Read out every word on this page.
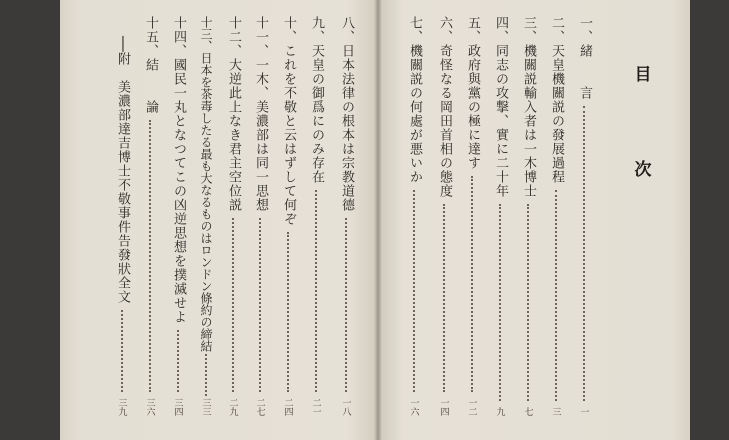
八、日本法律の根本は宗教道德
一八
九、天皇の御爲にのみ存在
二一
十、これを不敬と云はずして何ぞ
二四
十一、一木、美濃部は同一思想
二七
十二、大逆此上なき君主空位説
二九
十三、日本を茶毒したる最も大なるものはロンドン條約の締結
三三
十四、國民一丸となつてこの凶逆思想を撲滅せよ
三四
十五、結　　論
三六
──
附　美濃部達吉博士不敬事件告發狀全文
三九
目
次
一、緒　　言
一
二、天皇機關説の發展過程
三
三、機關説輸入者は一木博士
七
四、同志の攻撃、實に二十年
九
五、政府與黨の極に達す
一二
六、奇怪なる岡田首相の態度
一四
七、機關説の何處が悪いか
一六
